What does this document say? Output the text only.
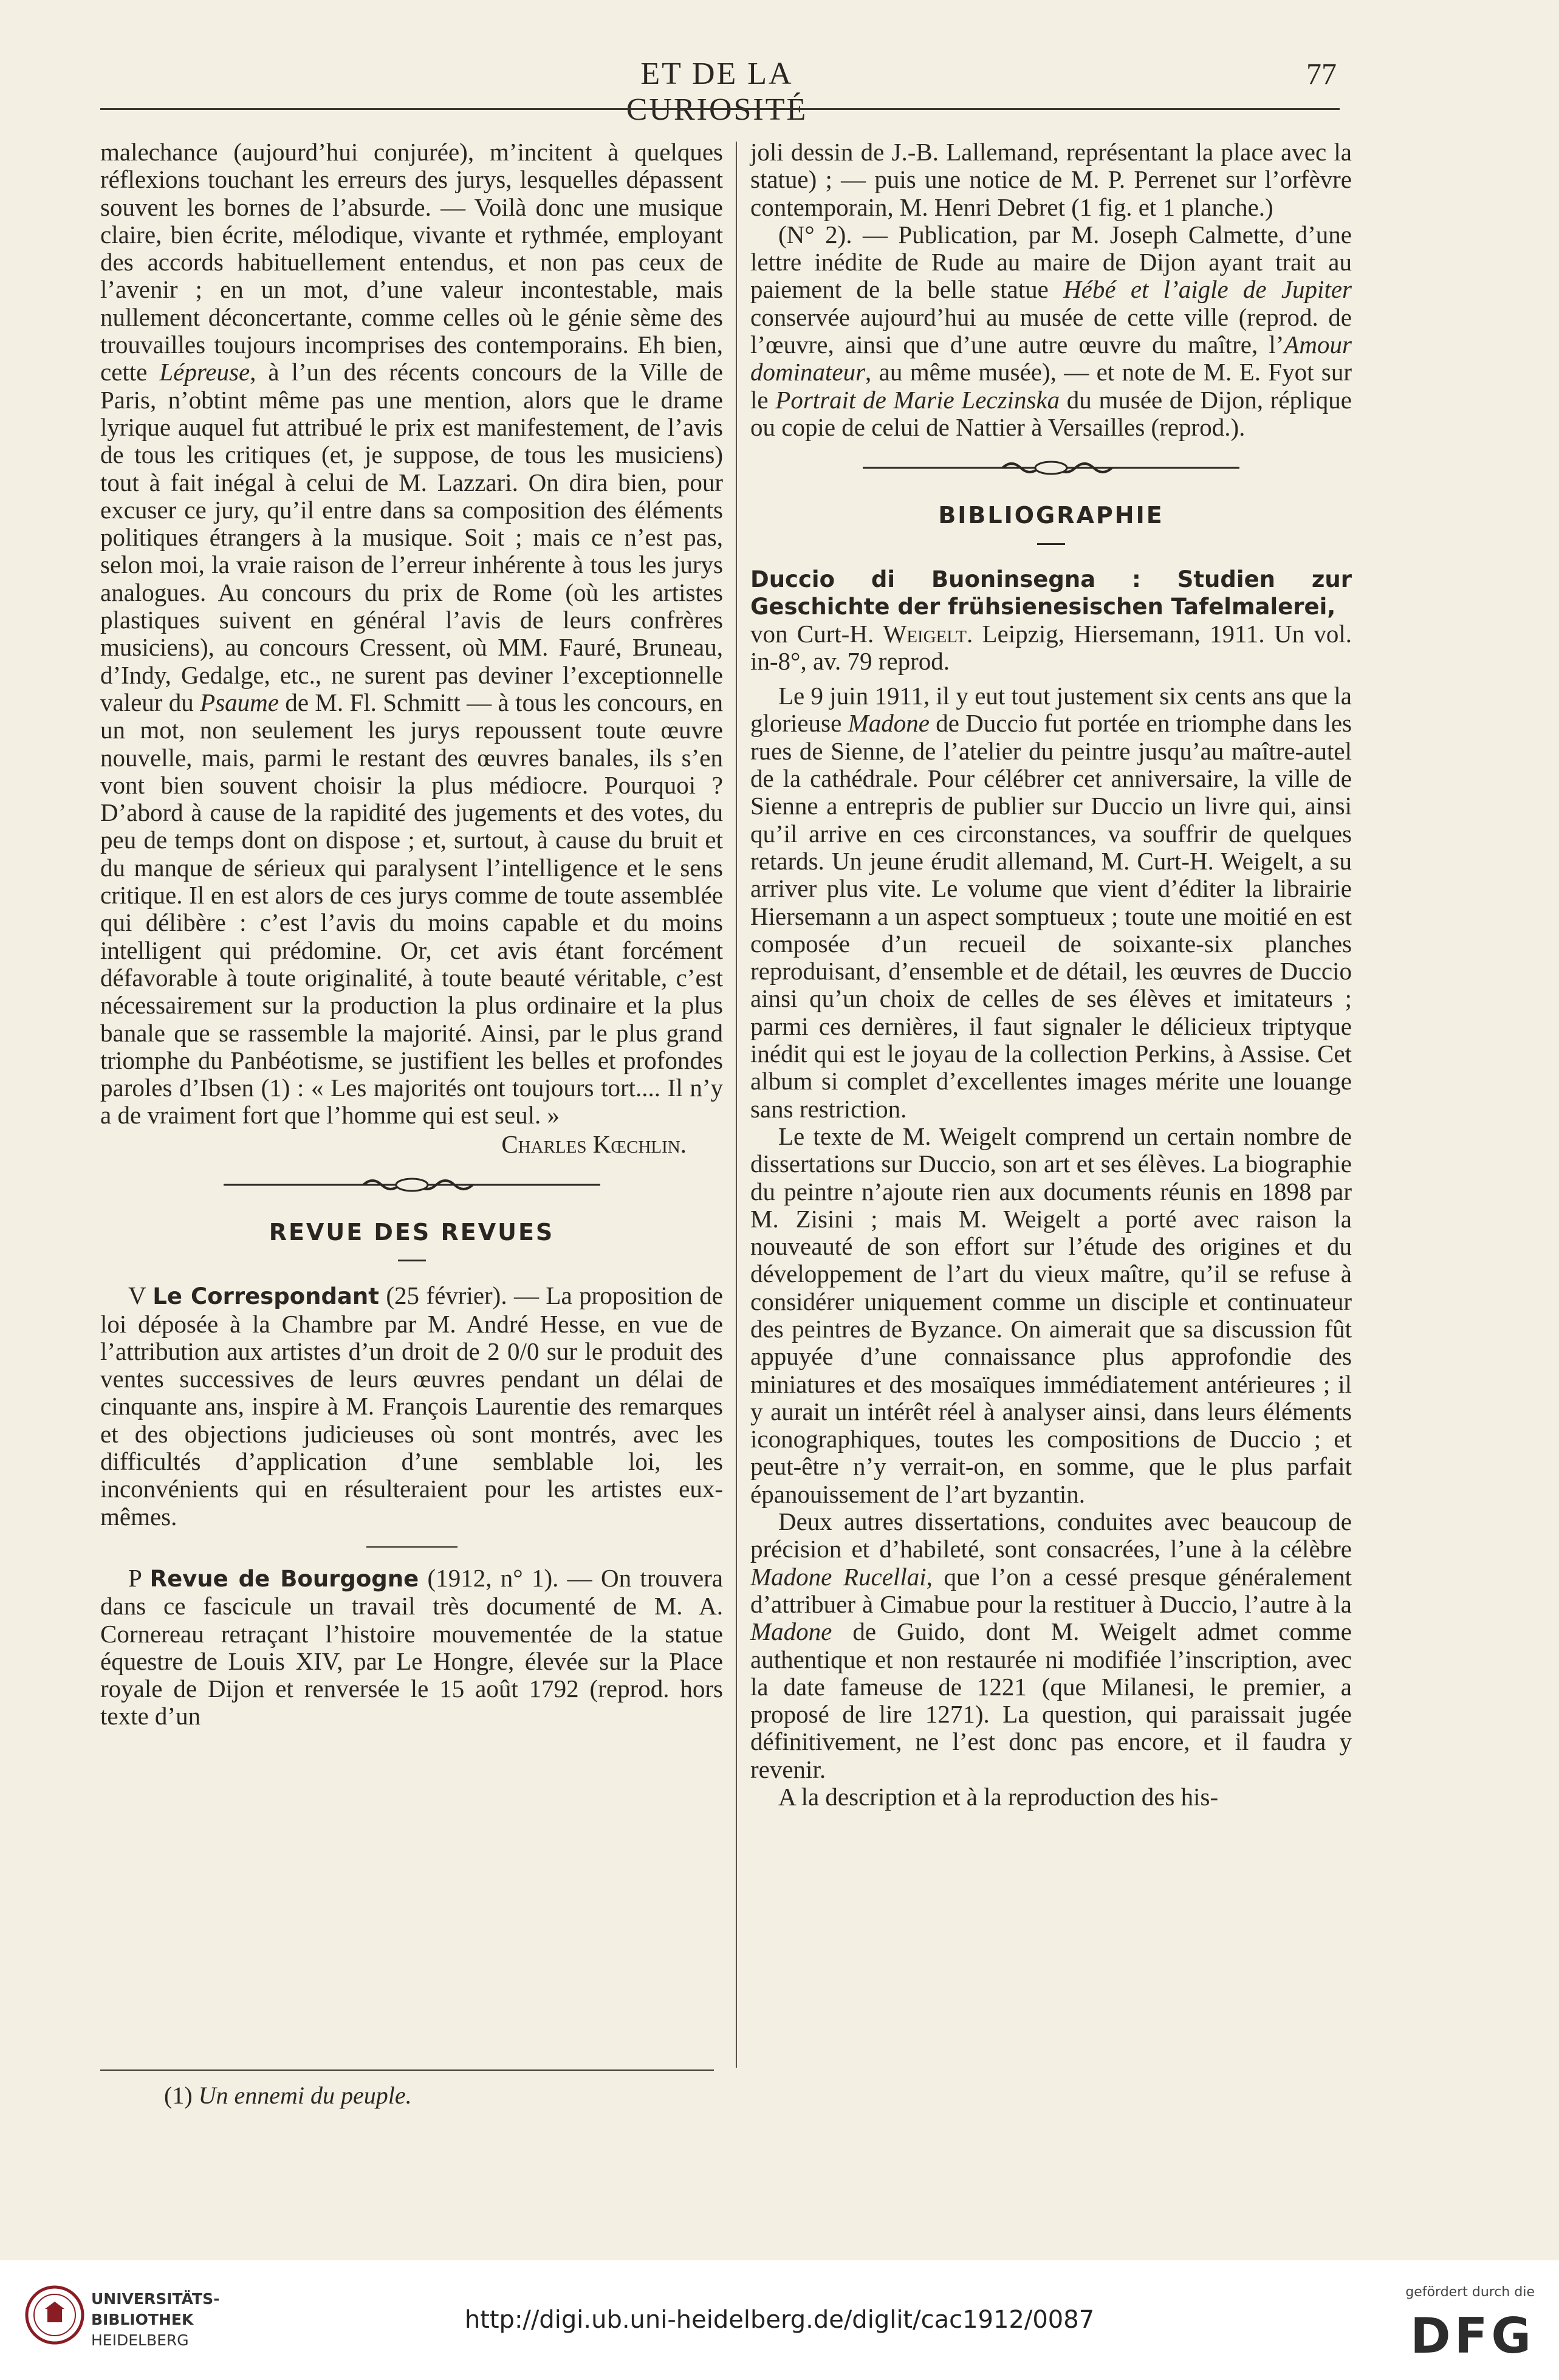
ET DE LA CURIOSITÉ
77

malechance (aujourd’hui conjurée), m’incitent à quelques réflexions touchant les erreurs des jurys, lesquelles dépassent souvent les bornes de l’absurde. — Voilà donc une musique claire, bien écrite, mélodique, vivante et rythmée, employant des accords habituellement entendus, et non pas ceux de l’avenir ; en un mot, d’une valeur incontestable, mais nullement déconcertante, comme celles où le génie sème des trouvailles toujours incomprises des contemporains. Eh bien, cette Lépreuse, à l’un des récents concours de la Ville de Paris, n’obtint même pas une mention, alors que le drame lyrique auquel fut attribué le prix est manifestement, de l’avis de tous les critiques (et, je suppose, de tous les musiciens) tout à fait inégal à celui de M. Lazzari. On dira bien, pour excuser ce jury, qu’il entre dans sa composition des éléments politiques étrangers à la musique. Soit ; mais ce n’est pas, selon moi, la vraie raison de l’erreur inhérente à tous les jurys analogues. Au concours du prix de Rome (où les artistes plastiques suivent en général l’avis de leurs confrères musiciens), au concours Cressent, où MM. Fauré, Bruneau, d’Indy, Gedalge, etc., ne surent pas deviner l’exceptionnelle valeur du Psaume de M. Fl. Schmitt — à tous les concours, en un mot, non seulement les jurys repoussent toute œuvre nouvelle, mais, parmi le restant des œuvres banales, ils s’en vont bien souvent choisir la plus médiocre. Pourquoi ? D’abord à cause de la rapidité des jugements et des votes, du peu de temps dont on dispose ; et, surtout, à cause du bruit et du manque de sérieux qui paralysent l’intelligence et le sens critique. Il en est alors de ces jurys comme de toute assemblée qui délibère : c’est l’avis du moins capable et du moins intelligent qui prédomine. Or, cet avis étant forcément défavorable à toute originalité, à toute beauté véritable, c’est nécessairement sur la production la plus ordinaire et la plus banale que se rassemble la majorité. Ainsi, par le plus grand triomphe du Panbéotisme, se justifient les belles et profondes paroles d’Ibsen (1) : « Les majorités ont toujours tort.... Il n’y a de vraiment fort que l’homme qui est seul. »

Charles Kœchlin.

REVUE DES REVUES

V Le Correspondant (25 février). — La proposition de loi déposée à la Chambre par M. André Hesse, en vue de l’attribution aux artistes d’un droit de 2 0/0 sur le produit des ventes successives de leurs œuvres pendant un délai de cinquante ans, inspire à M. François Laurentie des remarques et des objections judicieuses où sont montrés, avec les difficultés d’application d’une semblable loi, les inconvénients qui en résulteraient pour les artistes eux-mêmes.

P Revue de Bourgogne (1912, n° 1). — On trouvera dans ce fascicule un travail très documenté de M. A. Cornereau retraçant l’histoire mouvementée de la statue équestre de Louis XIV, par Le Hongre, élevée sur la Place royale de Dijon et renversée le 15 août 1792 (reprod. hors texte d’un

(1) Un ennemi du peuple.

joli dessin de J.-B. Lallemand, représentant la place avec la statue) ; — puis une notice de M. P. Perrenet sur l’orfèvre contemporain, M. Henri Debret (1 fig. et 1 planche.)

(N° 2). — Publication, par M. Joseph Calmette, d’une lettre inédite de Rude au maire de Dijon ayant trait au paiement de la belle statue Hébé et l’aigle de Jupiter conservée aujourd’hui au musée de cette ville (reprod. de l’œuvre, ainsi que d’une autre œuvre du maître, l’Amour dominateur, au même musée), — et note de M. E. Fyot sur le Portrait de Marie Leczinska du musée de Dijon, réplique ou copie de celui de Nattier à Versailles (reprod.).

BIBLIOGRAPHIE

Duccio di Buoninsegna : Studien zur Geschichte der frühsienesischen Tafelmalerei,

von Curt-H. Weigelt. Leipzig, Hiersemann, 1911. Un vol. in-8°, av. 79 reprod.

Le 9 juin 1911, il y eut tout justement six cents ans que la glorieuse Madone de Duccio fut portée en triomphe dans les rues de Sienne, de l’atelier du peintre jusqu’au maître-autel de la cathédrale. Pour célébrer cet anniversaire, la ville de Sienne a entrepris de publier sur Duccio un livre qui, ainsi qu’il arrive en ces circonstances, va souffrir de quelques retards. Un jeune érudit allemand, M. Curt-H. Weigelt, a su arriver plus vite. Le volume que vient d’éditer la librairie Hiersemann a un aspect somptueux ; toute une moitié en est composée d’un recueil de soixante-six planches reproduisant, d’ensemble et de détail, les œuvres de Duccio ainsi qu’un choix de celles de ses élèves et imitateurs ; parmi ces dernières, il faut signaler le délicieux triptyque inédit qui est le joyau de la collection Perkins, à Assise. Cet album si complet d’excellentes images mérite une louange sans restriction.

Le texte de M. Weigelt comprend un certain nombre de dissertations sur Duccio, son art et ses élèves. La biographie du peintre n’ajoute rien aux documents réunis en 1898 par M. Zisini ; mais M. Weigelt a porté avec raison la nouveauté de son effort sur l’étude des origines et du développement de l’art du vieux maître, qu’il se refuse à considérer uniquement comme un disciple et continuateur des peintres de Byzance. On aimerait que sa discussion fût appuyée d’une connaissance plus approfondie des miniatures et des mosaïques immédiatement antérieures ; il y aurait un intérêt réel à analyser ainsi, dans leurs éléments iconographiques, toutes les compositions de Duccio ; et peut-être n’y verrait-on, en somme, que le plus parfait épanouissement de l’art byzantin.

Deux autres dissertations, conduites avec beaucoup de précision et d’habileté, sont consacrées, l’une à la célèbre Madone Rucellai, que l’on a cessé presque généralement d’attribuer à Cimabue pour la restituer à Duccio, l’autre à la Madone de Guido, dont M. Weigelt admet comme authentique et non restaurée ni modifiée l’inscription, avec la date fameuse de 1221 (que Milanesi, le premier, a proposé de lire 1271). La question, qui paraissait jugée définitivement, ne l’est donc pas encore, et il faudra y revenir.

A la description et à la reproduction des his-

UNIVERSITÄTS-
BIBLIOTHEK
HEIDELBERG
http://digi.ub.uni-heidelberg.de/diglit/cac1912/0087
gefördert durch die
DFG
